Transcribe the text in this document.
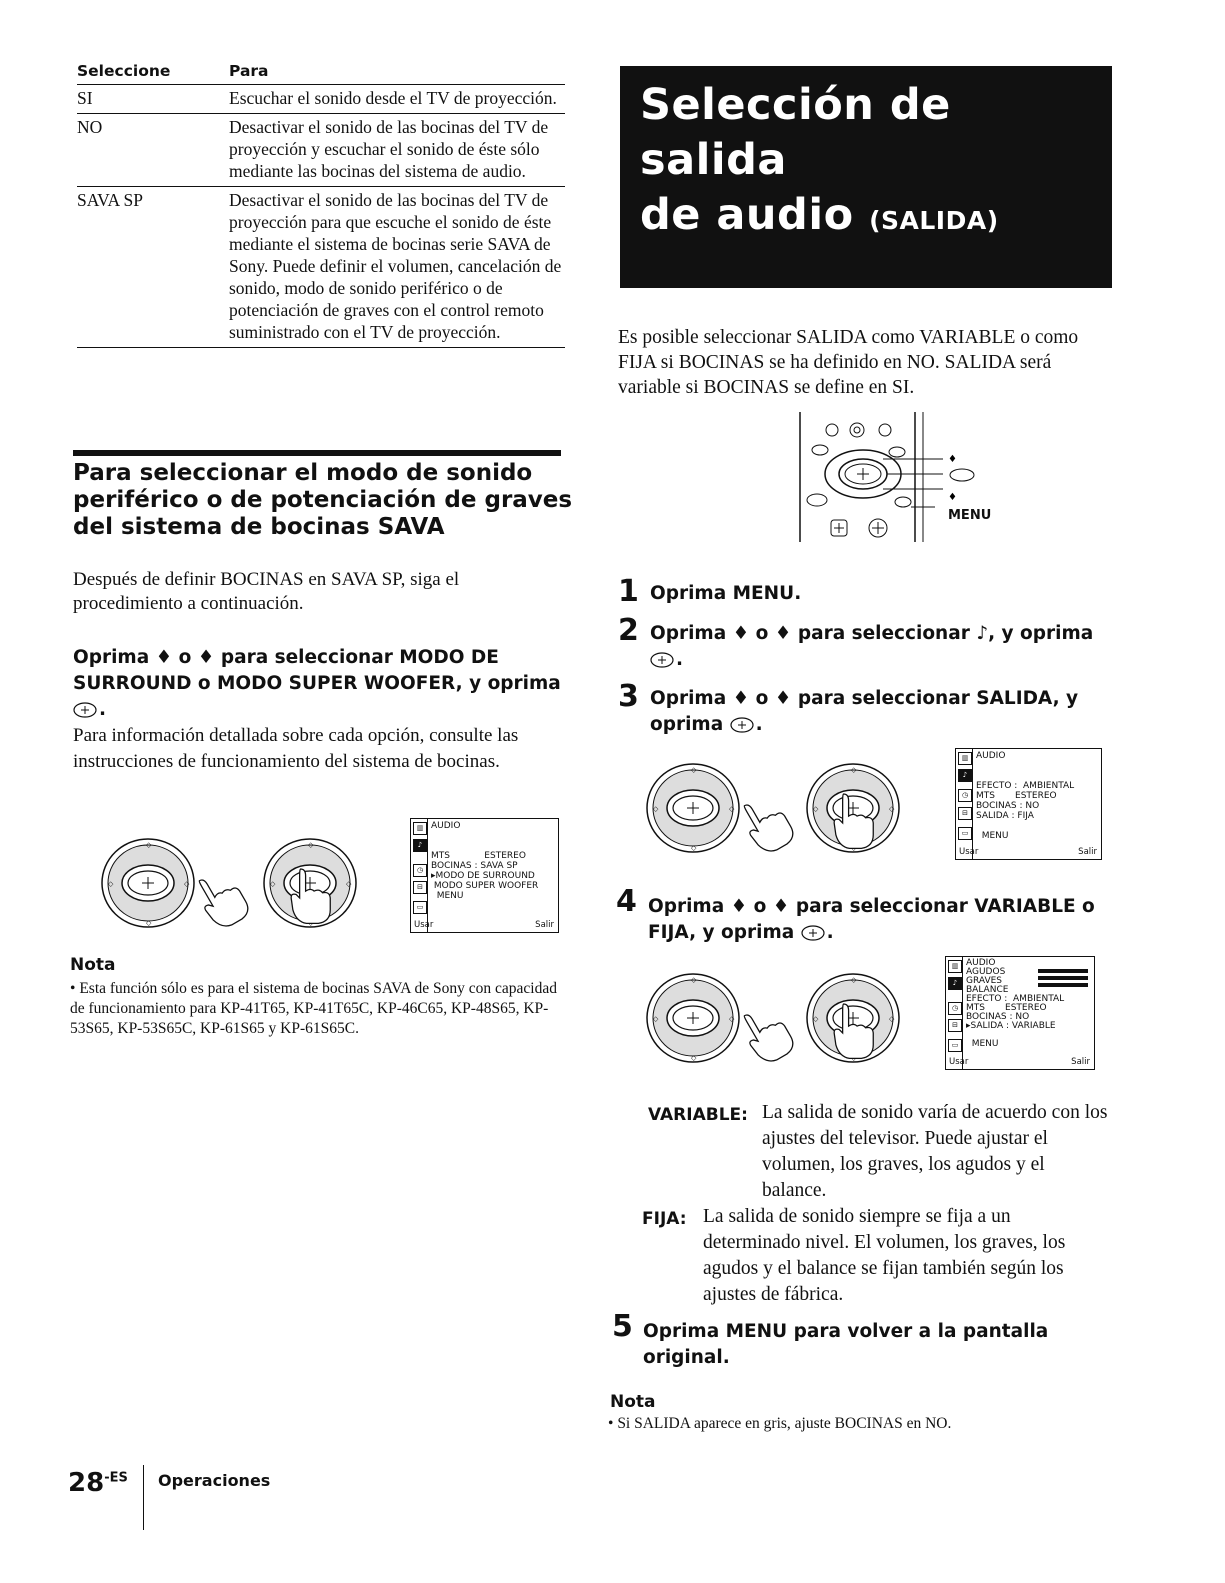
Seleccione	Para
SI	Escuchar el sonido desde el TV de proyección.
NO	Desactivar el sonido de las bocinas del TV de proyección y escuchar el sonido de éste sólo mediante las bocinas del sistema de audio.
SAVA SP	Desactivar el sonido de las bocinas del TV de proyección para que escuche el sonido de éste mediante el sistema de bocinas serie SAVA de Sony. Puede definir el volumen, cancelación de sonido, modo de sonido periférico o de potenciación de graves con el control remoto suministrado con el TV de proyección.
Para seleccionar el modo de sonido periférico o de potenciación de graves del sistema de bocinas SAVA
Después de definir BOCINAS en SAVA SP, siga el procedimiento a continuación.
Oprima ♦ o ♦ para seleccionar MODO DE SURROUND o MODO SUPER WOOFER, y oprima .
Para información detallada sobre cada opción, consulte las instrucciones de funcionamiento del sistema de bocinas.
▥
♪
◷
⊟
▭
AUDIO

MTS            ESTEREO
BOCINAS : SAVA SP
▸MODO DE SURROUND
MODO SUPER WOOFER
MENU
Usar	Salir
Nota
• Esta función sólo es para el sistema de bocinas SAVA de Sony con capacidad de funcionamiento para KP-41T65, KP-41T65C, KP-46C65, KP-48S65, KP-53S65, KP-53S65C, KP-61S65 y KP-61S65C.
Selección de salida
de audio (SALIDA)
Es posible seleccionar SALIDA como VARIABLE o como FIJA si BOCINAS se ha definido en NO. SALIDA será variable si BOCINAS se define en SI.
♦
♦
MENU
1 Oprima MENU.
2 Oprima ♦ o ♦ para seleccionar ♪, y oprima
.
3 Oprima ♦ o ♦ para seleccionar SALIDA, y oprima .
▥
♪
◷
⊟
▭
AUDIO

EFECTO :  AMBIENTAL
MTS       ESTEREO
BOCINAS : NO
SALIDA : FIJA

MENU
Usar	Salir
4 Oprima ♦ o ♦ para seleccionar VARIABLE o FIJA, y oprima .
▥
♪
◷
⊟
▭
AUDIO
AGUDOS
GRAVES
BALANCE
EFECTO :  AMBIENTAL
MTS       ESTEREO
BOCINAS : NO
▸SALIDA : VARIABLE

MENU
Usar	Salir
VARIABLE: La salida de sonido varía de acuerdo con los ajustes del televisor. Puede ajustar el volumen, los graves, los agudos y el balance.
FIJA: La salida de sonido siempre se fija a un determinado nivel. El volumen, los graves, los agudos y el balance se fijan también según los ajustes de fábrica.
5 Oprima MENU para volver a la pantalla original.
Nota
• Si SALIDA aparece en gris, ajuste BOCINAS en NO.
$28^{-ES}$ Operaciones
